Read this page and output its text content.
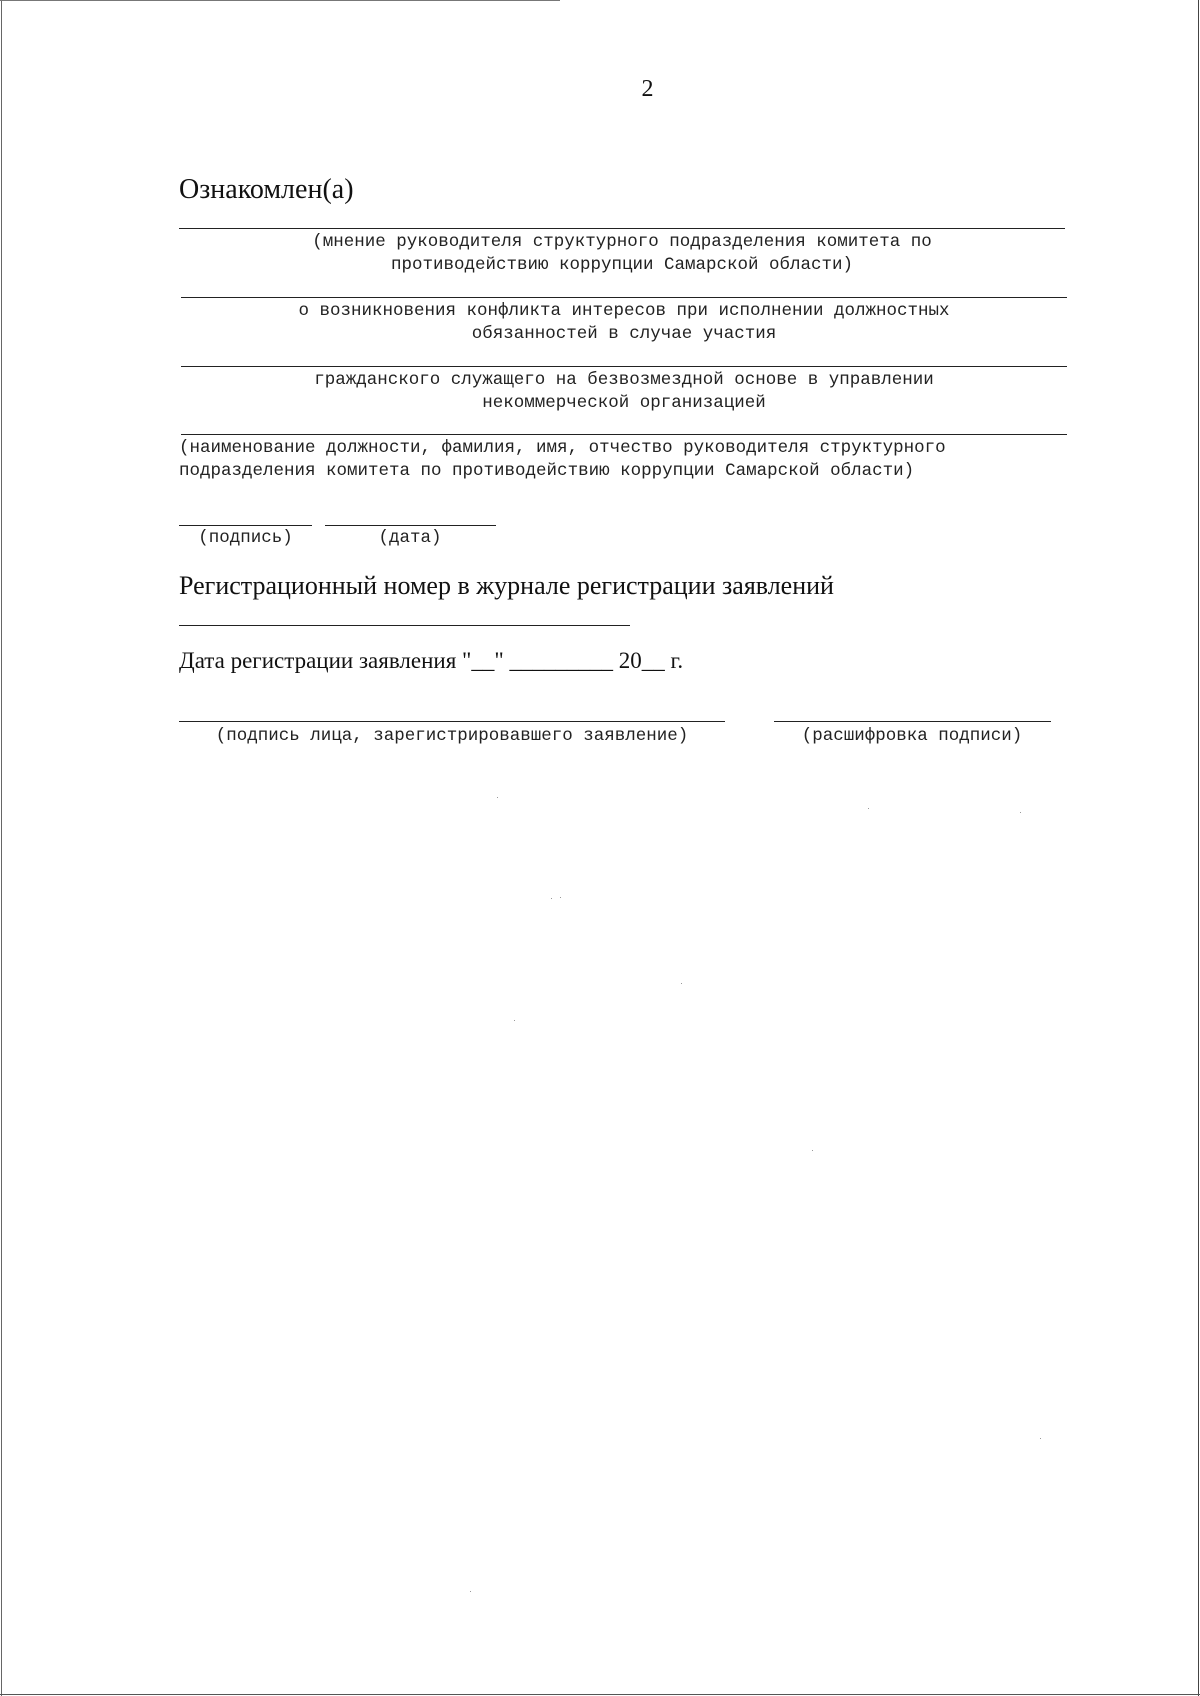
2
Ознакомлен(а)
(мнение руководителя структурного подразделения комитета по
противодействию коррупции Самарской области)
о возникновения конфликта интересов при исполнении должностных
обязанностей в случае участия
гражданского служащего на безвозмездной основе в управлении
некоммерческой организацией
(наименование должности, фамилия, имя, отчество руководителя структурного
подразделения комитета по противодействию коррупции Самарской области)
(подпись)	(дата)
Регистрационный номер в журнале регистрации заявлений
Дата регистрации заявления "__" _________ 20__ г.
(подпись лица, зарегистрировавшего заявление)	(расшифровка подписи)
